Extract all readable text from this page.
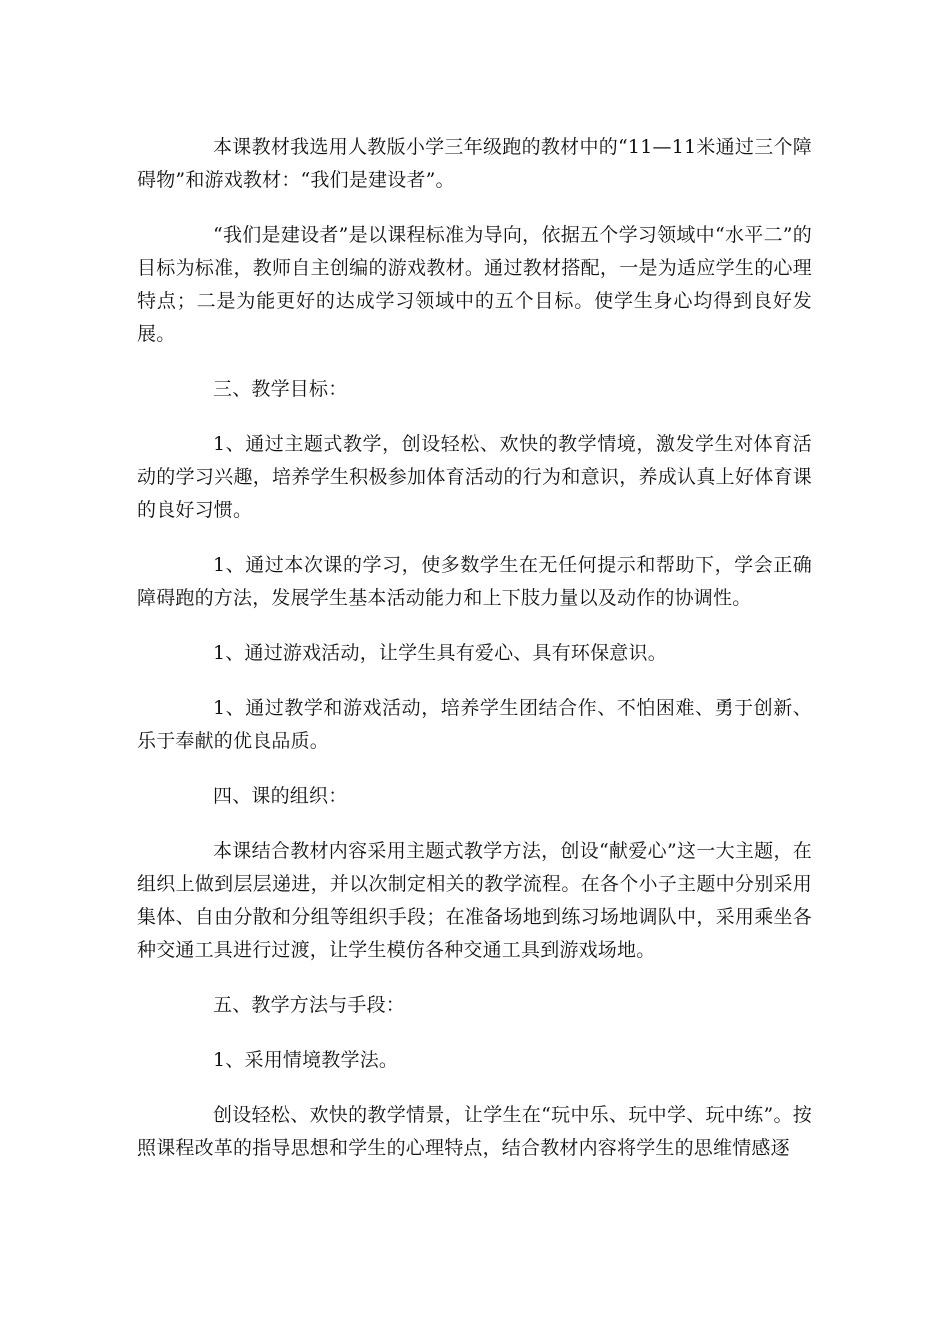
本课教材我选用人教版小学三年级跑的教材中的“11—11米通过三个障碍物”和游戏教材：“我们是建设者”。

“我们是建设者”是以课程标准为导向，依据五个学习领域中“水平二”的目标为标准，教师自主创编的游戏教材。通过教材搭配，一是为适应学生的心理特点；二是为能更好的达成学习领域中的五个目标。使学生身心均得到良好发展。

三、教学目标：

1、通过主题式教学，创设轻松、欢快的教学情境，激发学生对体育活动的学习兴趣，培养学生积极参加体育活动的行为和意识，养成认真上好体育课的良好习惯。

1、通过本次课的学习，使多数学生在无任何提示和帮助下，学会正确障碍跑的方法，发展学生基本活动能力和上下肢力量以及动作的协调性。

1、通过游戏活动，让学生具有爱心、具有环保意识。

1、通过教学和游戏活动，培养学生团结合作、不怕困难、勇于创新、乐于奉献的优良品质。

四、课的组织：

本课结合教材内容采用主题式教学方法，创设“献爱心”这一大主题，在组织上做到层层递进，并以次制定相关的教学流程。在各个小子主题中分别采用集体、自由分散和分组等组织手段；在准备场地到练习场地调队中，采用乘坐各种交通工具进行过渡，让学生模仿各种交通工具到游戏场地。

五、教学方法与手段：

1、采用情境教学法。

创设轻松、欢快的教学情景，让学生在“玩中乐、玩中学、玩中练”。按照课程改革的指导思想和学生的心理特点，结合教材内容将学生的思维情感逐
